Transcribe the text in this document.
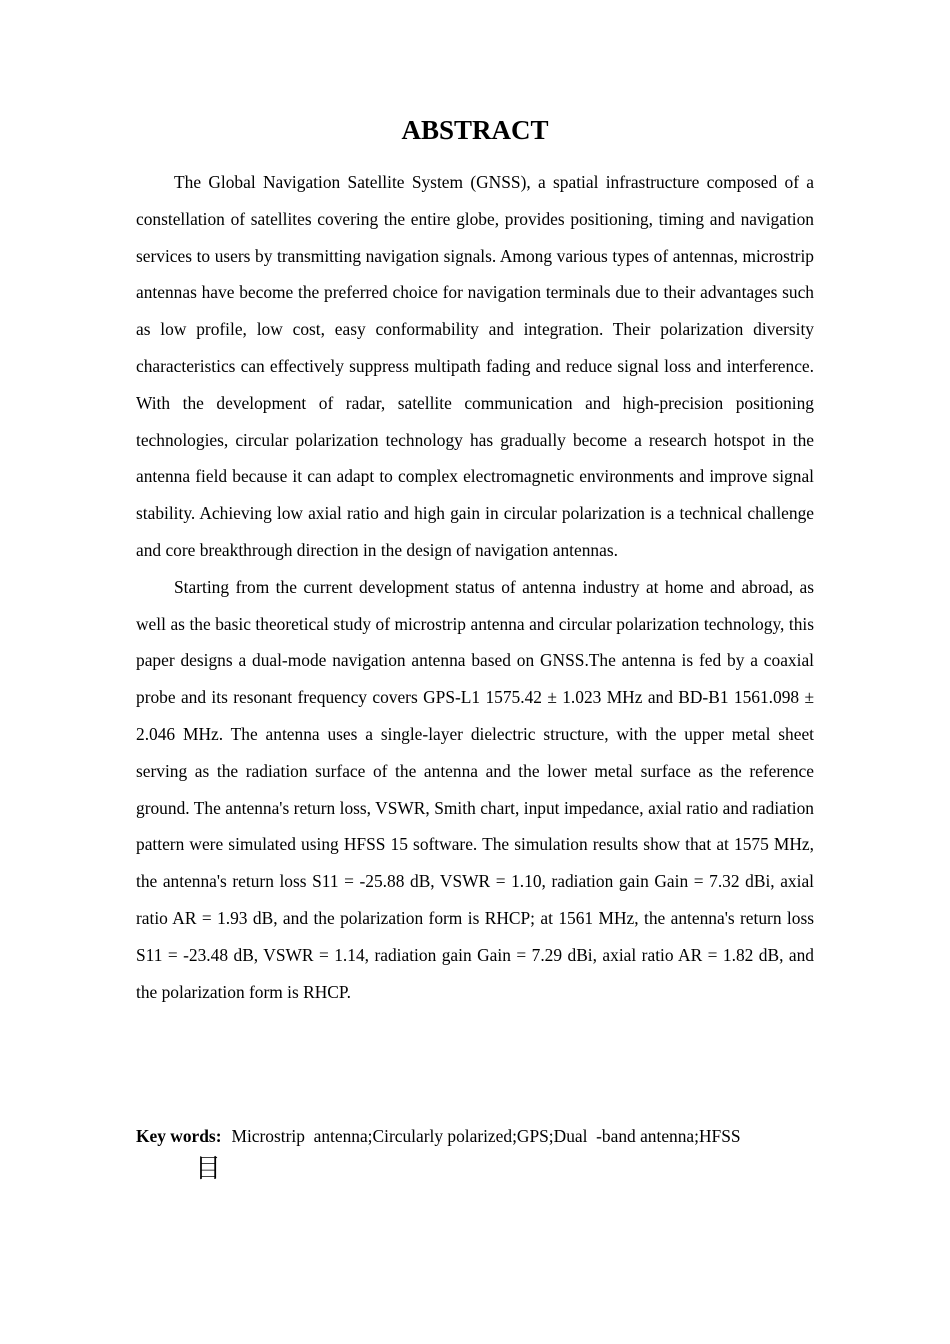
ABSTRACT

The Global Navigation Satellite System (GNSS), a spatial infrastructure composed of a constellation of satellites covering the entire globe, provides positioning, timing and navigation services to users by transmitting navigation signals. Among various types of antennas, microstrip antennas have become the preferred choice for navigation terminals due to their advantages such as low profile, low cost, easy conformability and integration. Their polarization diversity characteristics can effectively suppress multipath fading and reduce signal loss and interference. With the development of radar, satellite communication and high-precision positioning technologies, circular polarization technology has gradually become a research hotspot in the antenna field because it can adapt to complex electromagnetic environments and improve signal stability. Achieving low axial ratio and high gain in circular polarization is a technical challenge and core breakthrough direction in the design of navigation antennas.

Starting from the current development status of antenna industry at home and abroad, as well as the basic theoretical study of microstrip antenna and circular polarization technology, this paper designs a dual-mode navigation antenna based on GNSS.The antenna is fed by a coaxial probe and its resonant frequency covers GPS-L1 1575.42 ± 1.023 MHz and BD-B1 1561.098 ± 2.046 MHz. The antenna uses a single-layer dielectric structure, with the upper metal sheet serving as the radiation surface of the antenna and the lower metal surface as the reference ground. The antenna's return loss, VSWR, Smith chart, input impedance, axial ratio and radiation pattern were simulated using HFSS 15 software. The simulation results show that at 1575 MHz, the antenna's return loss S11 = -25.88 dB, VSWR = 1.10, radiation gain Gain = 7.32 dBi, axial ratio AR = 1.93 dB, and the polarization form is RHCP; at 1561 MHz, the antenna's return loss S11 = -23.48 dB, VSWR = 1.14, radiation gain Gain = 7.29 dBi, axial ratio AR = 1.82 dB, and the polarization form is RHCP.

Key words: Microstrip  antenna;Circularly polarized;GPS;Dual  -band antenna;HFSS

目
